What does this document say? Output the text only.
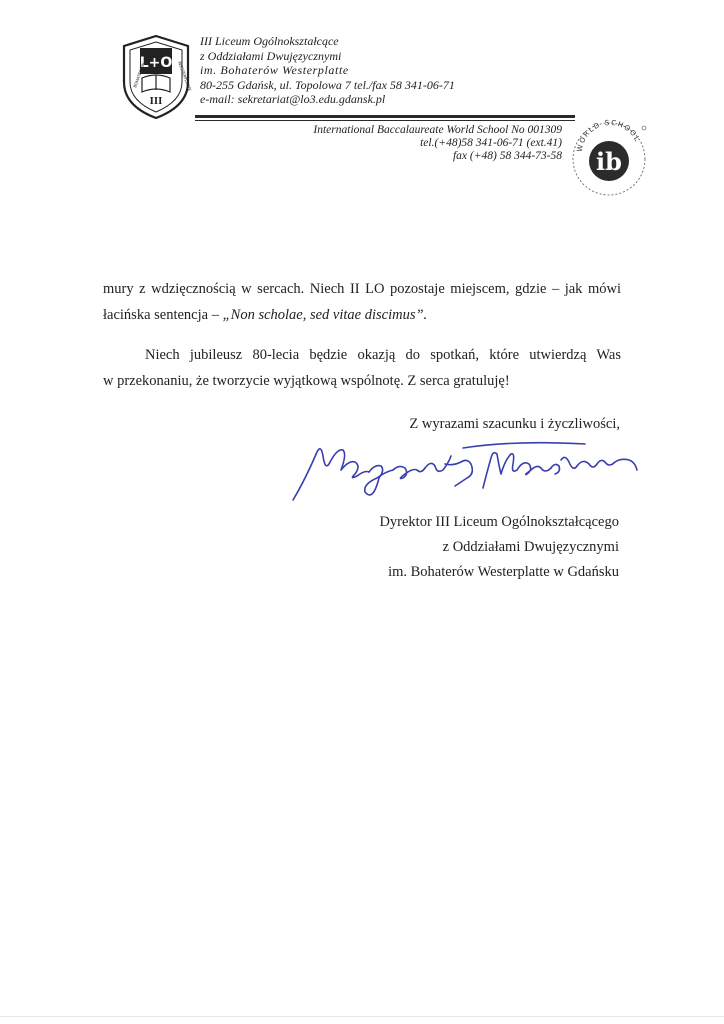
L+O
III
BOHATERÓW	WESTERPLATTE
III Liceum Ogólnokształcące
z Oddziałami Dwujęzycznymi
im. Bohaterów Westerplatte
80-255 Gdańsk, ul. Topolowa 7 tel./fax 58 341-06-71
e-mail: sekretariat@lo3.edu.gdansk.pl
International Baccalaureate World School No 001309
tel.(+48)58 341-06-71 (ext.41)
fax (+48) 58 344-73-58 ib
WORLD SCHOOL
mury z wdzięcznością w sercach. Niech II LO pozostaje miejscem, gdzie – jak mówi
łacińska sentencja – „Non scholae, sed vitae discimus”.
Niech jubileusz 80-lecia będzie okazją do spotkań, które utwierdzą Was
w przekonaniu, że tworzycie wyjątkową wspólnotę. Z serca gratuluję!
Z wyrazami szacunku i życzliwości,
Dyrektor III Liceum Ogólnokształcącego
z Oddziałami Dwujęzycznymi
im. Bohaterów Westerplatte w Gdańsku
